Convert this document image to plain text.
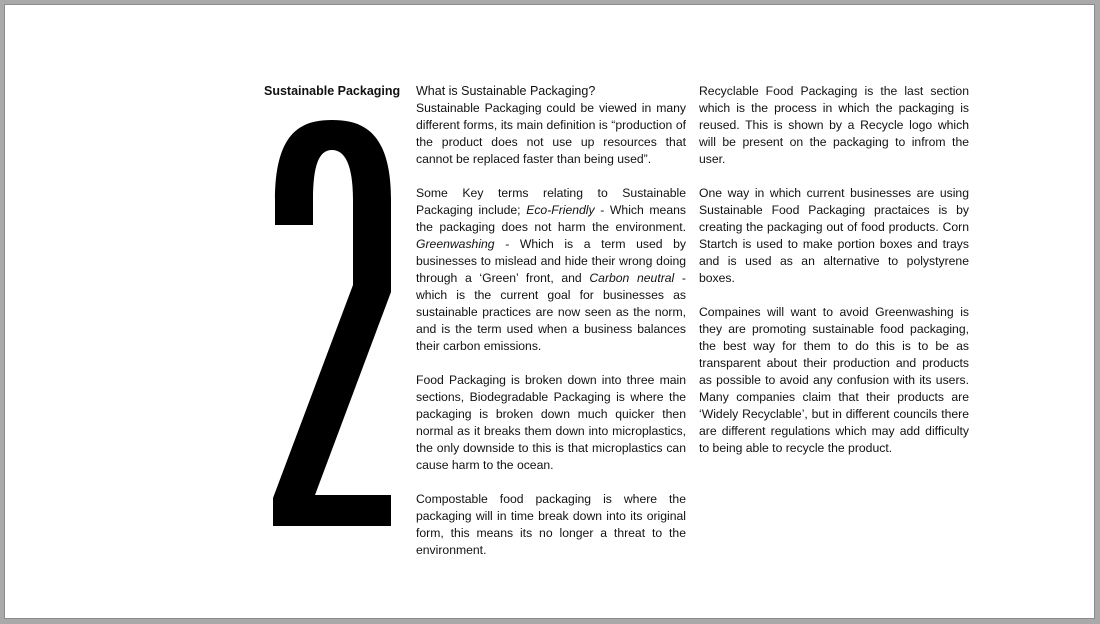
Sustainable Packaging What is Sustainable Packaging?

Sustainable Packaging could be viewed in many different forms, its main definition is “production of the product does not use up resources that cannot be replaced faster than being used”.

Some Key terms relating to Sustainable Packaging include; Eco-Friendly - Which means the packaging does not harm the environment. Greenwashing - Which is a term used by businesses to mislead and hide their wrong doing through a ‘Green’ front, and Carbon neutral - which is the current goal for businesses as sustainable practices are now seen as the norm, and is the term used when a business balances their carbon emissions.

Food Packaging is broken down into three main sections, Biodegradable Packaging is where the packaging is broken down much quicker then normal as it breaks them down into microplastics, the only downside to this is that microplastics can cause harm to the ocean.

Compostable food packaging is where the packaging will in time break down into its original form, this means its no longer a threat to the environment.

Recyclable Food Packaging is the last section which is the process in which the packaging is reused. This is shown by a Recycle logo which will be present on the packaging to infrom the user.

One way in which current businesses are using Sustainable Food Packaging practaices is by creating the packaging out of food products. Corn Startch is used to make portion boxes and trays and is used as an alternative to polystyrene boxes.

Compaines will want to avoid Greenwashing is they are promoting sustainable food packaging, the best way for them to do this is to be as transparent about their production and products as possible to avoid any confusion with its users. Many companies claim that their products are ‘Widely Recyclable’, but in different councils there are different regulations which may add difficulty to being able to recycle the product.
